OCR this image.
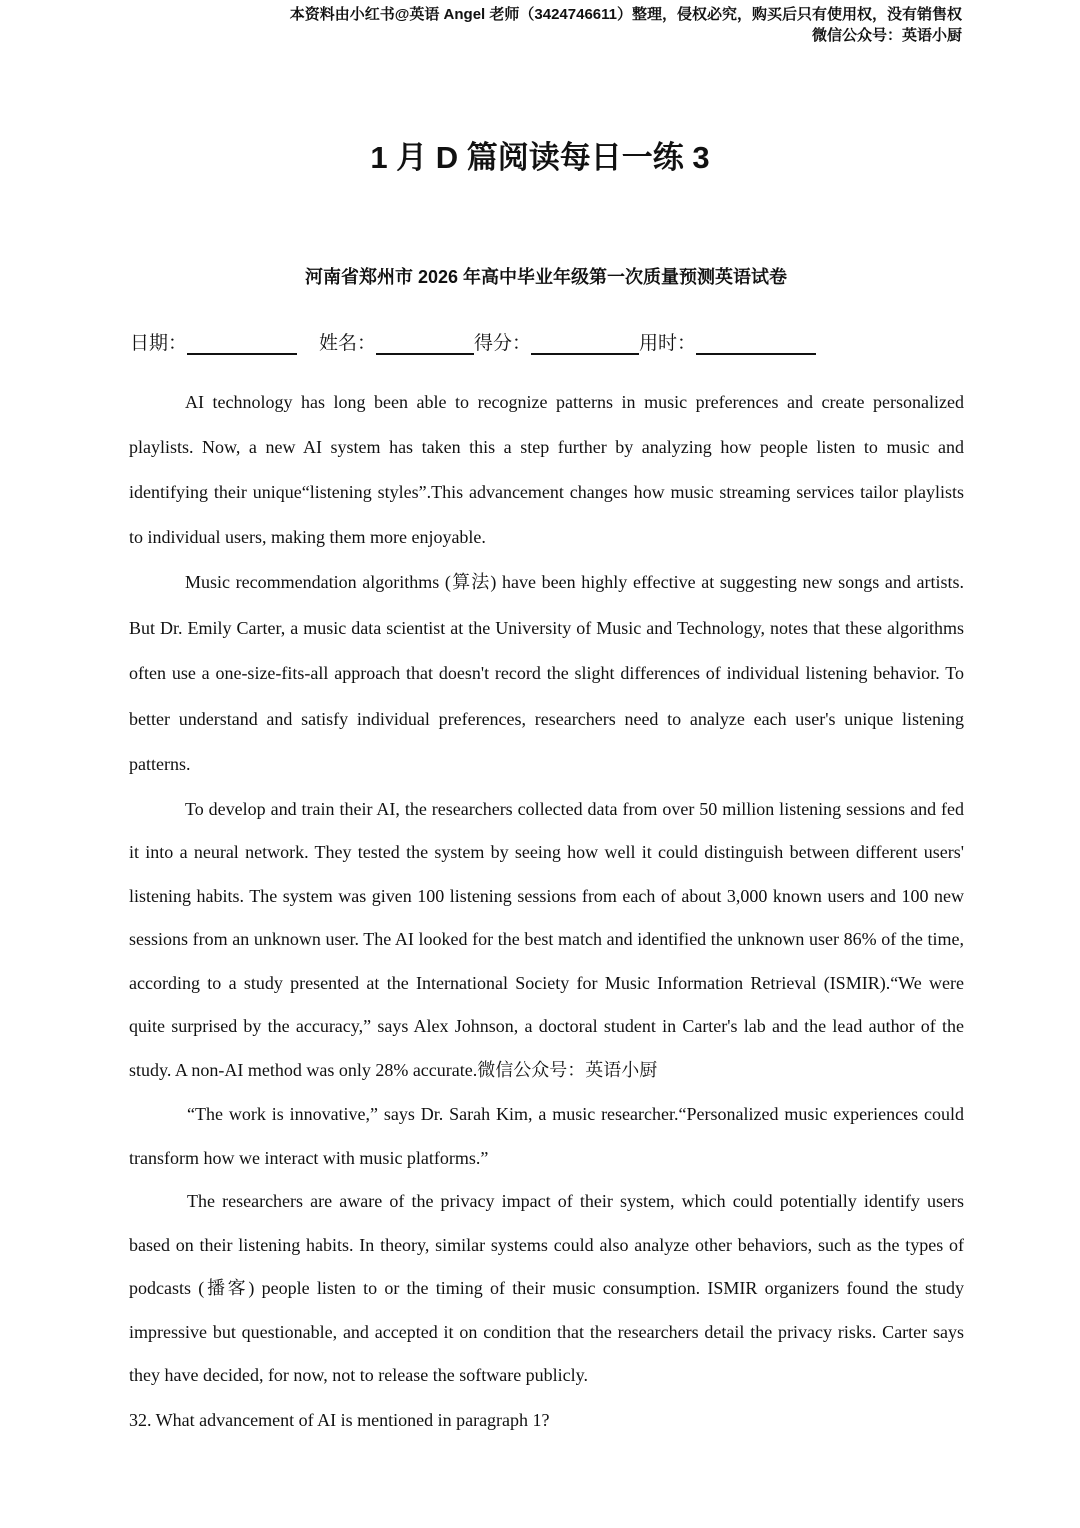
本资料由小红书@英语 Angel 老师（3424746611）整理，侵权必究，购买后只有使用权，没有销售权
微信公众号：英语小厨
1 月 D 篇阅读每日一练 3
河南省郑州市 2026 年高中毕业年级第一次质量预测英语试卷
日期：	姓名：	得分：	用时：

AI technology has long been able to recognize patterns in music preferences and create personalized playlists. Now, a new AI system has taken this a step further by analyzing how people listen to music and identifying their unique“listening styles”.This advancement changes how music streaming services tailor playlists to individual users, making them more enjoyable.

Music recommendation algorithms (算法) have been highly effective at suggesting new songs and artists. But Dr. Emily Carter, a music data scientist at the University of Music and Technology, notes that these algorithms often use a one-size-fits-all approach that doesn't record the slight differences of individual listening behavior. To better understand and satisfy individual preferences, researchers need to analyze each user's unique listening patterns.

To develop and train their AI, the researchers collected data from over 50 million listening sessions and fed it into a neural network. They tested the system by seeing how well it could distinguish between different users' listening habits. The system was given 100 listening sessions from each of about 3,000 known users and 100 new sessions from an unknown user. The AI looked for the best match and identified the unknown user 86% of the time, according to a study presented at the International Society for Music Information Retrieval (ISMIR).“We were quite surprised by the accuracy,” says Alex Johnson, a doctoral student in Carter's lab and the lead author of the study. A non-AI method was only 28% accurate.微信公众号：英语小厨

“The work is innovative,” says Dr. Sarah Kim, a music researcher.“Personalized music experiences could transform how we interact with music platforms.”

The researchers are aware of the privacy impact of their system, which could potentially identify users based on their listening habits. In theory, similar systems could also analyze other behaviors, such as the types of podcasts (播客) people listen to or the timing of their music consumption. ISMIR organizers found the study impressive but questionable, and accepted it on condition that the researchers detail the privacy risks. Carter says they have decided, for now, not to release the software publicly.

32. What advancement of AI is mentioned in paragraph 1?
